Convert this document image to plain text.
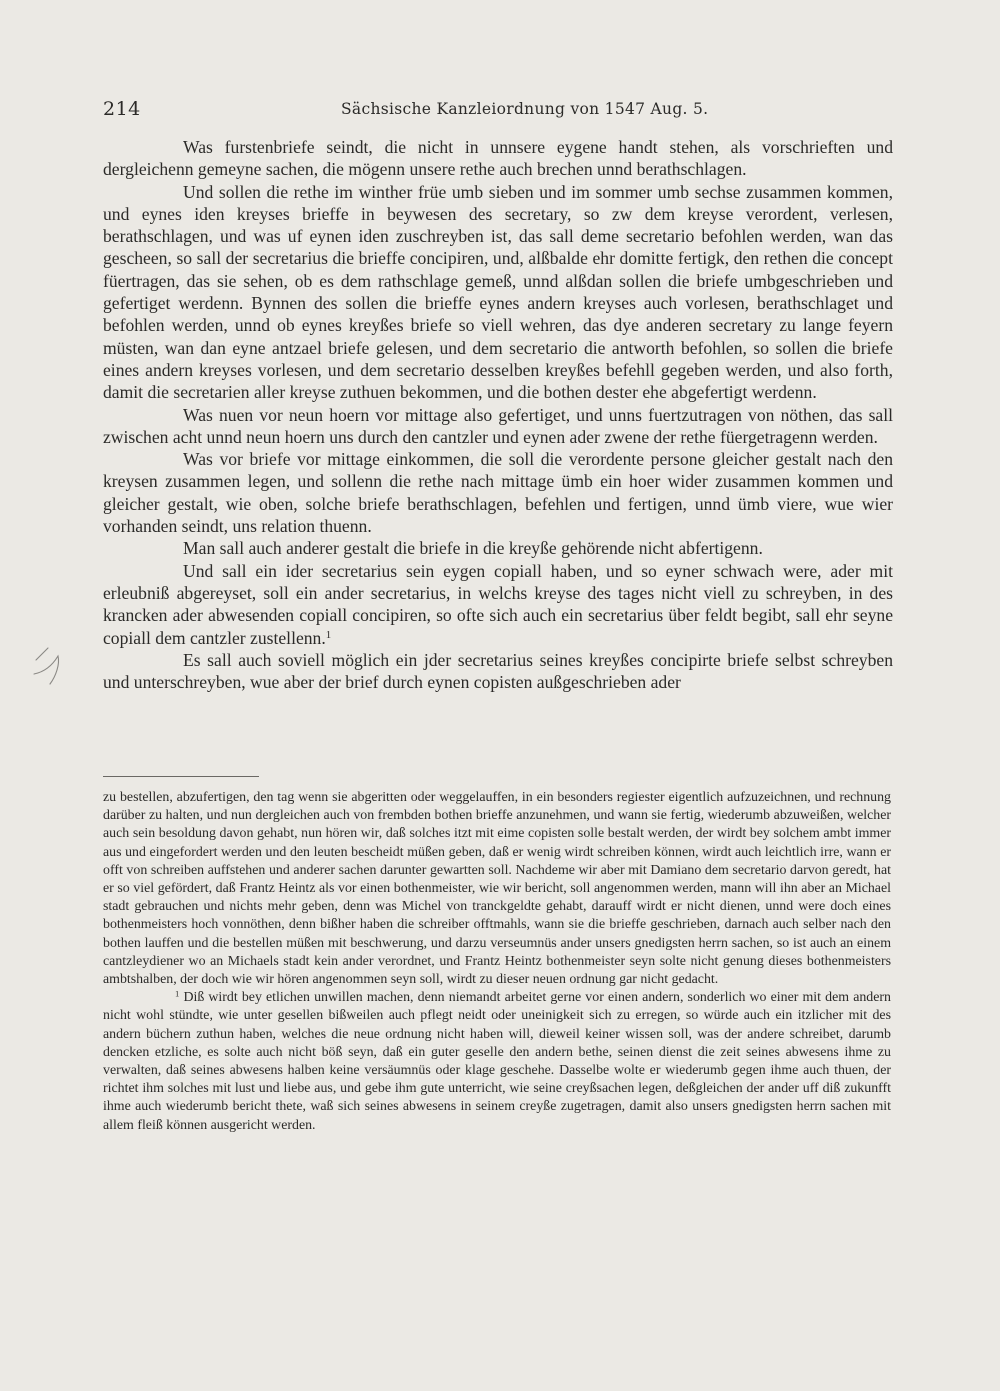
214	Sächsische Kanzleiordnung von 1547 Aug. 5.

Was furstenbriefe seindt, die nicht in unnsere eygene handt stehen, als vorschrieften und dergleichenn gemeyne sachen, die mögenn unsere rethe auch brechen unnd berathschlagen.

Und sollen die rethe im winther früe umb sieben und im sommer umb sechse zusammen kommen, und eynes iden kreyses brieffe in beywesen des secretary, so zw dem kreyse verordent, verlesen, berathschlagen, und was uf eynen iden zuschreyben ist, das sall deme secretario befohlen werden, wan das gescheen, so sall der secretarius die brieffe concipiren, und, alßbalde ehr domitte fertigk, den rethen die concept füertragen, das sie sehen, ob es dem rathschlage gemeß, unnd alßdan sollen die briefe umbgeschrieben und gefertiget werdenn. Bynnen des sollen die brieffe eynes andern kreyses auch vorlesen, berathschlaget und befohlen werden, unnd ob eynes kreyßes briefe so viell wehren, das dye anderen secretary zu lange feyern müsten, wan dan eyne antzael briefe gelesen, und dem secretario die antworth befohlen, so sollen die briefe eines andern kreyses vorlesen, und dem secretario desselben kreyßes befehll gegeben werden, und also forth, damit die secretarien aller kreyse zuthuen bekommen, und die bothen dester ehe abgefertigt werdenn.

Was nuen vor neun hoern vor mittage also gefertiget, und unns fuertzutragen von nöthen, das sall zwischen acht unnd neun hoern uns durch den cantzler und eynen ader zwene der rethe füergetragenn werden.

Was vor briefe vor mittage einkommen, die soll die verordente persone gleicher gestalt nach den kreysen zusammen legen, und sollenn die rethe nach mittage ümb ein hoer wider zusammen kommen und gleicher gestalt, wie oben, solche briefe berathschlagen, befehlen und fertigen, unnd ümb viere, wue wier vorhanden seindt, uns relation thuenn.

Man sall auch anderer gestalt die briefe in die kreyße gehörende nicht abfertigenn.

Und sall ein ider secretarius sein eygen copiall haben, und so eyner schwach were, ader mit erleubniß abgereyset, soll ein ander secretarius, in welchs kreyse des tages nicht viell zu schreyben, in des krancken ader abwesenden copiall concipiren, so ofte sich auch ein secretarius über feldt begibt, sall ehr seyne copiall dem cantzler zustellenn.$^1$

Es sall auch soviell möglich ein jder secretarius seines kreyßes concipirte briefe selbst schreyben und unterschreyben, wue aber der brief durch eynen copisten außgeschrieben ader

zu bestellen, abzufertigen, den tag wenn sie abgeritten oder weggelauffen, in ein besonders regiester eigentlich aufzuzeichnen, und rechnung darüber zu halten, und nun dergleichen auch von frembden bothen brieffe anzunehmen, und wann sie fertig, wiederumb abzuweißen, welcher auch sein besoldung davon gehabt, nun hören wir, daß solches itzt mit eime copisten solle bestalt werden, der wirdt bey solchem ambt immer aus und eingefordert werden und den leuten bescheidt müßen geben, daß er wenig wirdt schreiben können, wirdt auch leichtlich irre, wann er offt von schreiben auffstehen und anderer sachen darunter gewartten soll. Nachdeme wir aber mit Damiano dem secretario darvon geredt, hat er so viel gefördert, daß Frantz Heintz als vor einen bothenmeister, wie wir bericht, soll angenommen werden, mann will ihn aber an Michael stadt gebrauchen und nichts mehr geben, denn was Michel von tranckgeldte gehabt, darauff wirdt er nicht dienen, unnd were doch eines bothenmeisters hoch vonnöthen, denn bißher haben die schreiber offtmahls, wann sie die brieffe geschrieben, darnach auch selber nach den bothen lauffen und die bestellen müßen mit beschwerung, und darzu verseumnüs ander unsers gnedigsten herrn sachen, so ist auch an einem cantzleydiener wo an Michaels stadt kein ander verordnet, und Frantz Heintz bothenmeister seyn solte nicht genung dieses bothenmeisters ambtshalben, der doch wie wir hören angenommen seyn soll, wirdt zu dieser neuen ordnung gar nicht gedacht.

$^1$ Diß wirdt bey etlichen unwillen machen, denn niemandt arbeitet gerne vor einen andern, sonderlich wo einer mit dem andern nicht wohl stündte, wie unter gesellen bißweilen auch pflegt neidt oder uneinigkeit sich zu erregen, so würde auch ein itzlicher mit des andern büchern zuthun haben, welches die neue ordnung nicht haben will, dieweil keiner wissen soll, was der andere schreibet, darumb dencken etzliche, es solte auch nicht böß seyn, daß ein guter geselle den andern bethe, seinen dienst die zeit seines abwesens ihme zu verwalten, daß seines abwesens halben keine versäumnüs oder klage geschehe. Dasselbe wolte er wiederumb gegen ihme auch thuen, der richtet ihm solches mit lust und liebe aus, und gebe ihm gute unterricht, wie seine creyßsachen legen, deßgleichen der ander uff diß zukunfft ihme auch wiederumb bericht thete, waß sich seines abwesens in seinem creyße zugetragen, damit also unsers gnedigsten herrn sachen mit allem fleiß können ausgericht werden.
